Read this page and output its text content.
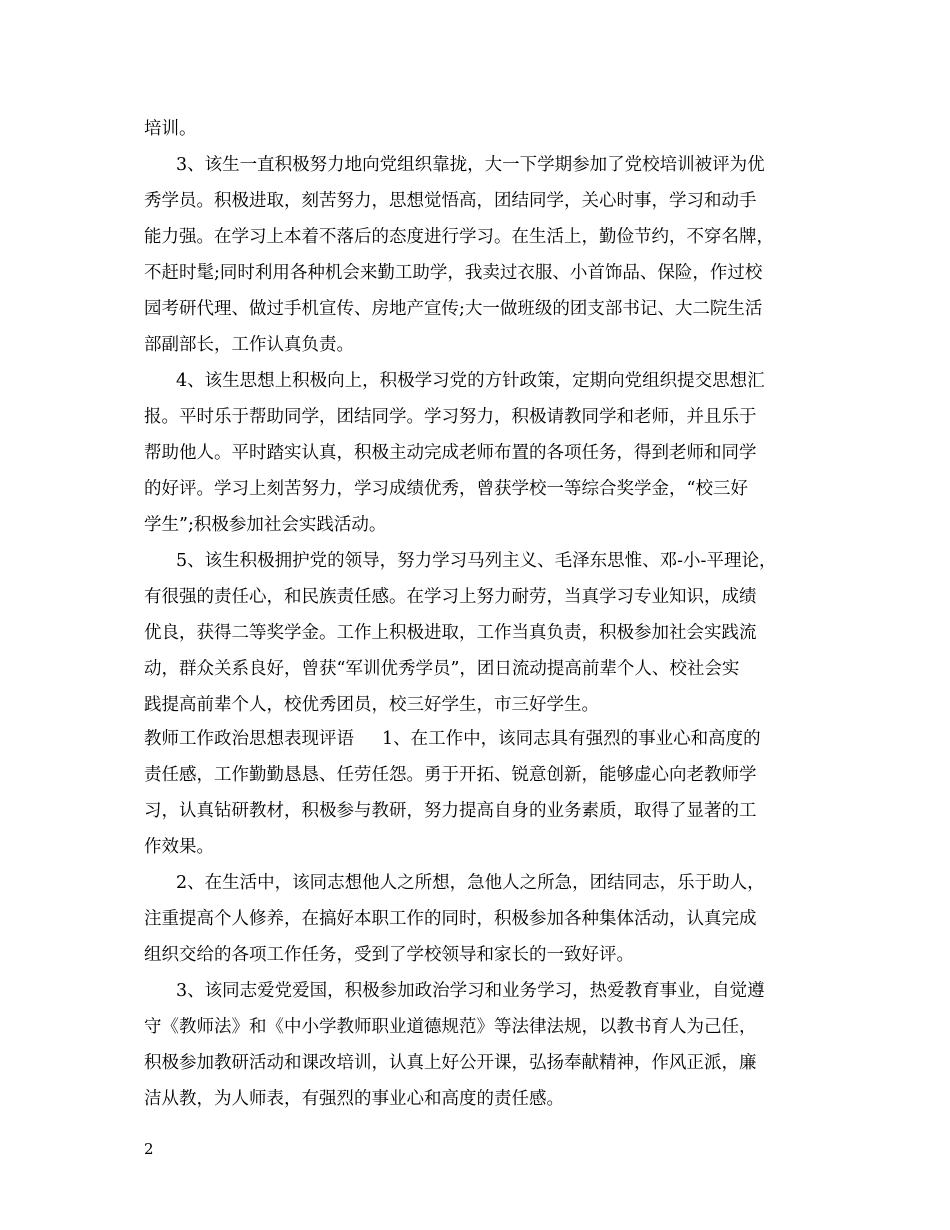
培训。
3、该生一直积极努力地向党组织靠拢，大一下学期参加了党校培训被评为优
秀学员。积极进取，刻苦努力，思想觉悟高，团结同学，关心时事，学习和动手
能力强。在学习上本着不落后的态度进行学习。在生活上，勤俭节约，不穿名牌，
不赶时髦;同时利用各种机会来勤工助学，我卖过衣服、小首饰品、保险，作过校
园考研代理、做过手机宣传、房地产宣传;大一做班级的团支部书记、大二院生活
部副部长，工作认真负责。
4、该生思想上积极向上，积极学习党的方针政策，定期向党组织提交思想汇
报。平时乐于帮助同学，团结同学。学习努力，积极请教同学和老师，并且乐于
帮助他人。平时踏实认真，积极主动完成老师布置的各项任务，得到老师和同学
的好评。学习上刻苦努力，学习成绩优秀，曾获学校一等综合奖学金，“校三好
学生”;积极参加社会实践活动。
5、该生积极拥护党的领导，努力学习马列主义、毛泽东思惟、邓-小-平理论，
有很强的责任心，和民族责任感。在学习上努力耐劳，当真学习专业知识，成绩
优良，获得二等奖学金。工作上积极进取，工作当真负责，积极参加社会实践流
动，群众关系良好，曾获“军训优秀学员”，团日流动提高前辈个人、校社会实
践提高前辈个人，校优秀团员，校三好学生，市三好学生。
教师工作政治思想表现评语 1、在工作中，该同志具有强烈的事业心和高度的
责任感，工作勤勤恳恳、任劳任怨。勇于开拓、锐意创新，能够虚心向老教师学
习，认真钻研教材，积极参与教研，努力提高自身的业务素质，取得了显著的工
作效果。
2、在生活中，该同志想他人之所想，急他人之所急，团结同志，乐于助人，
注重提高个人修养，在搞好本职工作的同时，积极参加各种集体活动，认真完成
组织交给的各项工作任务，受到了学校领导和家长的一致好评。
3、该同志爱党爱国，积极参加政治学习和业务学习，热爱教育事业，自觉遵
守《教师法》和《中小学教师职业道德规范》等法律法规，以教书育人为己任，
积极参加教研活动和课改培训，认真上好公开课，弘扬奉献精神，作风正派，廉
洁从教，为人师表，有强烈的事业心和高度的责任感。
2
